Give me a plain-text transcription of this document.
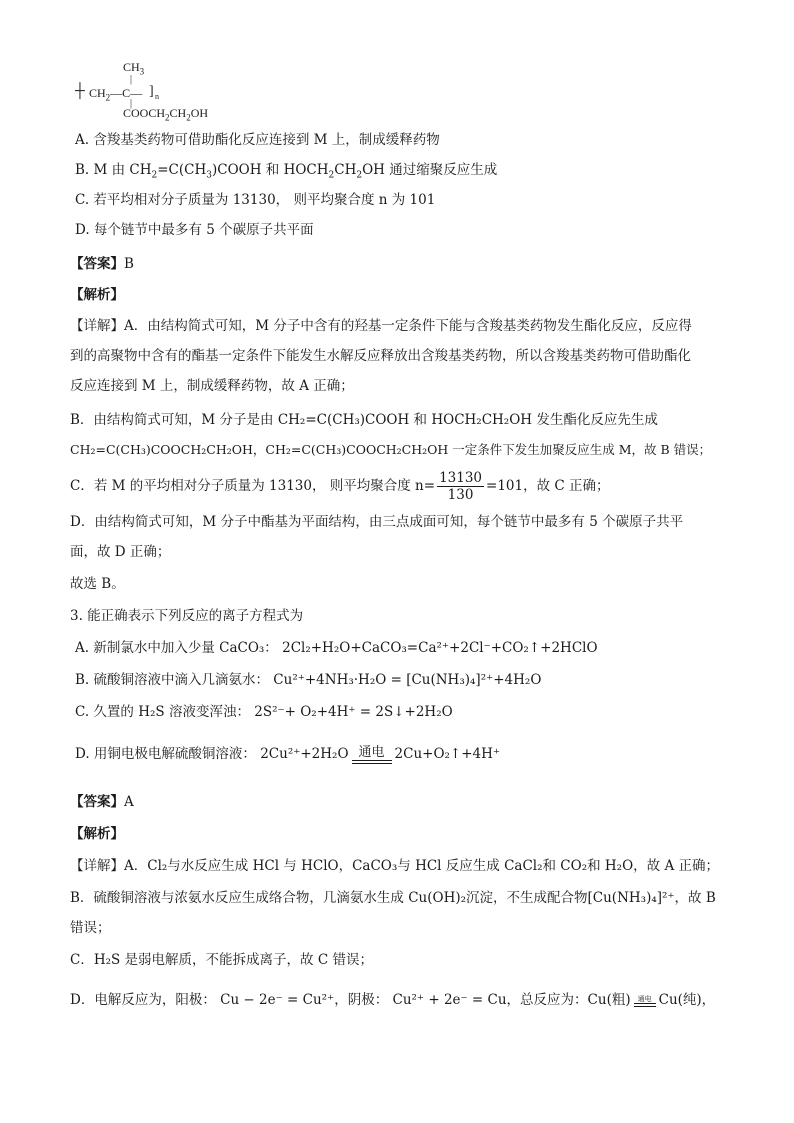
$CH_3$
|
┼ $CH_2—C—$ ] n
|
$COOCH_2CH_2OH$
A. 含羧基类药物可借助酯化反应连接到 M 上，制成缓释药物
B. M 由 $CH_2=C(CH_3)COOH$ 和 $HOCH_2CH_2OH$ 通过缩聚反应生成
C. 若平均相对分子质量为 13130， 则平均聚合度 n 为 101
D. 每个链节中最多有 5 个碳原子共平面
【答案】B
【解析】
【详解】A．由结构简式可知，M 分子中含有的羟基一定条件下能与含羧基类药物发生酯化反应，反应得
到的高聚物中含有的酯基一定条件下能发生水解反应释放出含羧基类药物，所以含羧基类药物可借助酯化
反应连接到 M 上，制成缓释药物，故 A 正确；
B．由结构简式可知，M 分子是由 CH₂=C(CH₃)COOH 和 HOCH₂CH₂OH 发生酯化反应先生成
CH₂=C(CH₃)COOCH₂CH₂OH，CH₂=C(CH₃)COOCH₂CH₂OH 一定条件下发生加聚反应生成 M，故 B 错误；
C．若 M 的平均相对分子质量为 13130， 则平均聚合度 $n= \frac{13130}{130} =101$，故 C 正确；
D．由结构简式可知，M 分子中酯基为平面结构，由三点成面可知，每个链节中最多有 5 个碳原子共平
面，故 D 正确；
故选 B。
3. 能正确表示下列反应的离子方程式为
A. 新制氯水中加入少量 CaCO₃： 2Cl₂+H₂O+CaCO₃=Ca²⁺+2Cl⁻+CO₂↑+2HClO
B. 硫酸铜溶液中滴入几滴氨水： Cu²⁺+4NH₃·H₂O = [Cu(NH₃)₄]²⁺+4H₂O
C. 久置的 H₂S 溶液变浑浊： 2S²⁻+ O₂+4H⁺ = 2S↓+2H₂O
D. 用铜电极电解硫酸铜溶液： 2Cu²⁺+2H₂O 通电 2Cu+O₂↑+4H⁺
【答案】A
【解析】
【详解】A．Cl₂与水反应生成 HCl 与 HClO，CaCO₃与 HCl 反应生成 CaCl₂和 CO₂和 H₂O，故 A 正确；
B．硫酸铜溶液与浓氨水反应生成络合物，几滴氨水生成 Cu(OH)₂沉淀，不生成配合物[Cu(NH₃)₄]²⁺，故 B
错误；
C．H₂S 是弱电解质，不能拆成离子，故 C 错误；
D．电解反应为，阳极： Cu − 2e⁻ = Cu²⁺，阴极： Cu²⁺ + 2e⁻ = Cu，总反应为：Cu(粗)	通电 Cu(纯)，
